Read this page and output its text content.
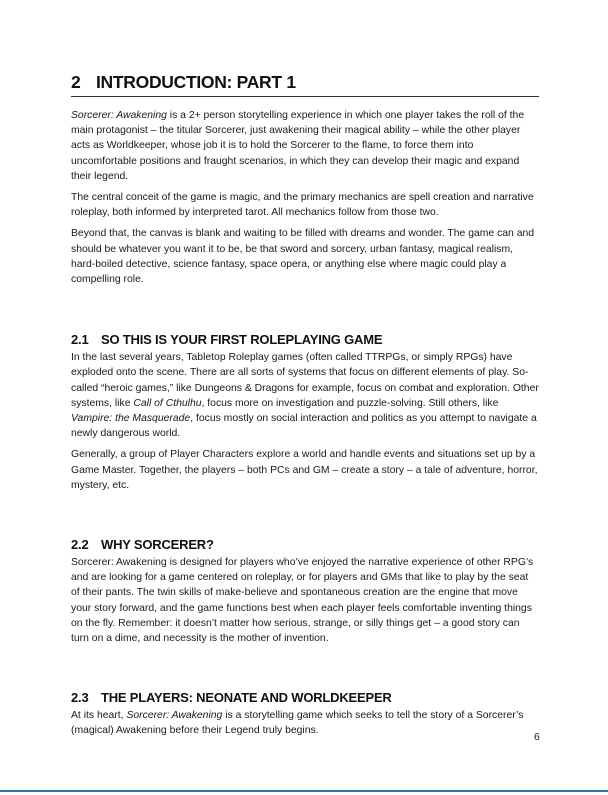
2 INTRODUCTION: PART 1

Sorcerer: Awakening is a 2+ person storytelling experience in which one player takes the roll of the main protagonist – the titular Sorcerer, just awakening their magical ability – while the other player acts as Worldkeeper, whose job it is to hold the Sorcerer to the flame, to force them into uncomfortable positions and fraught scenarios, in which they can develop their magic and expand their legend.

The central conceit of the game is magic, and the primary mechanics are spell creation and narrative roleplay, both informed by interpreted tarot. All mechanics follow from those two.

Beyond that, the canvas is blank and waiting to be filled with dreams and wonder. The game can and should be whatever you want it to be, be that sword and sorcery, urban fantasy, magical realism, hard-boiled detective, science fantasy, space opera, or anything else where magic could play a compelling role.

2.1 SO THIS IS YOUR FIRST ROLEPLAYING GAME

In the last several years, Tabletop Roleplay games (often called TTRPGs, or simply RPGs) have exploded onto the scene. There are all sorts of systems that focus on different elements of play. So-called “heroic games,” like Dungeons & Dragons for example, focus on combat and exploration. Other systems, like Call of Cthulhu, focus more on investigation and puzzle-solving. Still others, like Vampire: the Masquerade, focus mostly on social interaction and politics as you attempt to navigate a newly dangerous world.

Generally, a group of Player Characters explore a world and handle events and situations set up by a Game Master. Together, the players – both PCs and GM – create a story – a tale of adventure, horror, mystery, etc.

2.2 WHY SORCERER?

Sorcerer: Awakening is designed for players who’ve enjoyed the narrative experience of other RPG’s and are looking for a game centered on roleplay, or for players and GMs that like to play by the seat of their pants. The twin skills of make-believe and spontaneous creation are the engine that move your story forward, and the game functions best when each player feels comfortable inventing things on the fly. Remember: it doesn’t matter how serious, strange, or silly things get – a good story can turn on a dime, and necessity is the mother of invention.

2.3 THE PLAYERS: NEONATE AND WORLDKEEPER

At its heart, Sorcerer: Awakening is a storytelling game which seeks to tell the story of a Sorcerer’s (magical) Awakening before their Legend truly begins.

6
